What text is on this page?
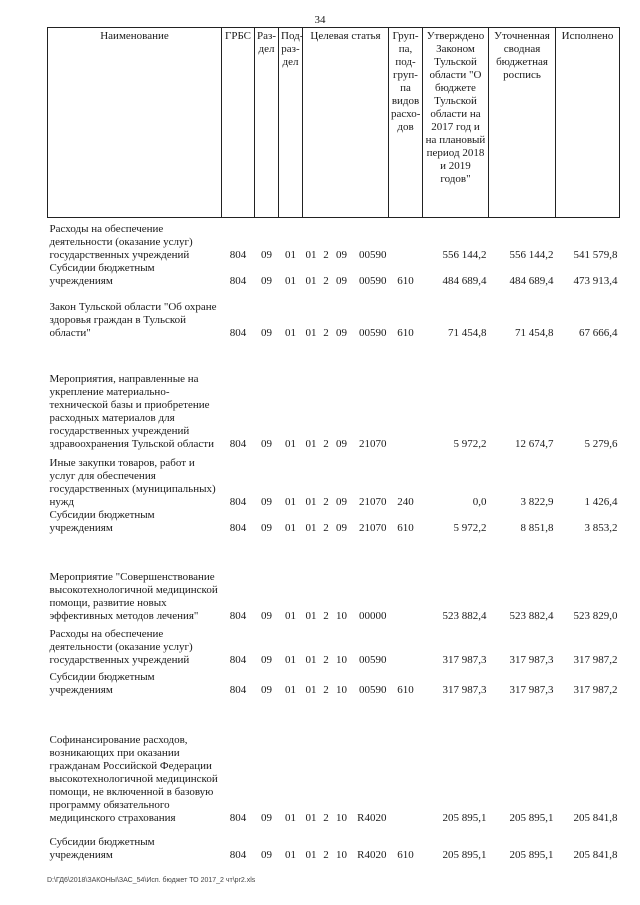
34
Наименование	ГРБС	Раз-дел	Под-раз-дел	Целевая статья				Груп-па, под-груп-па видов расхо-дов	Утверждено Законом Тульской области "О бюджете Тульской области на 2017 год и на плановый период 2018 и 2019 годов"	Уточненная сводная бюджетная роспись	Исполнено
Расходы на обеспечение деятельности (оказание услуг) государственных учреждений	804	09	01	01	2	09	00590		556 144,2	556 144,2	541 579,8
Субсидии бюджетным учреждениям	804	09	01	01	2	09	00590	610	484 689,4	484 689,4	473 913,4
Закон Тульской области "Об охране здоровья граждан в Тульской области"	804	09	01	01	2	09	00590	610	71 454,8	71 454,8	67 666,4
Мероприятия, направленные на укрепление материально-технической базы и приобретение расходных материалов для государственных учреждений здравоохранения Тульской области	804	09	01	01	2	09	21070		5 972,2	12 674,7	5 279,6
Иные закупки товаров, работ и услуг для обеспечения государственных (муниципальных) нужд	804	09	01	01	2	09	21070	240	0,0	3 822,9	1 426,4
Субсидии бюджетным учреждениям	804	09	01	01	2	09	21070	610	5 972,2	8 851,8	3 853,2
Мероприятие "Совершенствование высокотехнологичной медицинской помощи, развитие новых эффективных методов лечения"	804	09	01	01	2	10	00000		523 882,4	523 882,4	523 829,0
Расходы на обеспечение деятельности (оказание услуг) государственных учреждений	804	09	01	01	2	10	00590		317 987,3	317 987,3	317 987,2
Субсидии бюджетным учреждениям	804	09	01	01	2	10	00590	610	317 987,3	317 987,3	317 987,2
Софинансирование расходов, возникающих при оказании гражданам Российской Федерации высокотехнологичной медицинской помощи, не включенной в базовую программу обязательного медицинского страхования	804	09	01	01	2	10	R4020		205 895,1	205 895,1	205 841,8
Субсидии бюджетным учреждениям	804	09	01	01	2	10	R4020	610	205 895,1	205 895,1	205 841,8
D:\ГД6\2018\ЗАКОНЫ\ЗАС_54\Исп. бюджет ТО 2017_2 чт\pr2.xls
